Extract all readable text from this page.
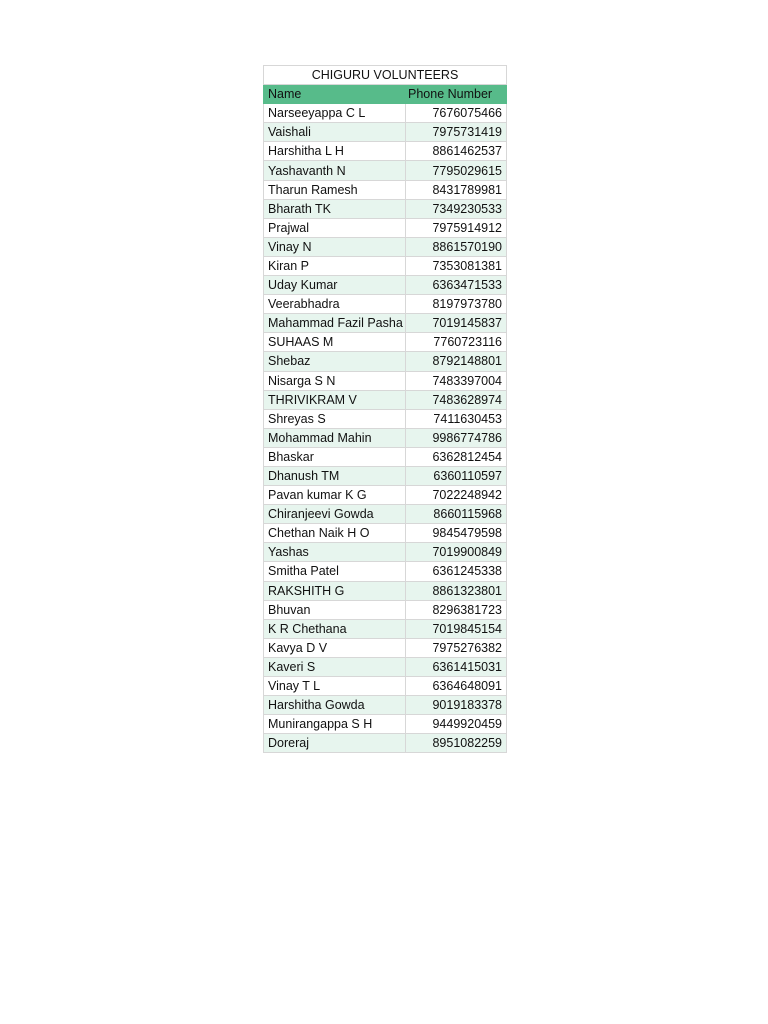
CHIGURU VOLUNTEERS	
Name	Phone Number
Narseeyappa C L	7676075466
Vaishali	7975731419
Harshitha L H	8861462537
Yashavanth N	7795029615
Tharun Ramesh	8431789981
Bharath TK	7349230533
Prajwal	7975914912
Vinay N	8861570190
Kiran P	7353081381
Uday Kumar	6363471533
Veerabhadra	8197973780
Mahammad Fazil Pasha	7019145837
SUHAAS M	7760723116
Shebaz	8792148801
Nisarga S N	7483397004
THRIVIKRAM V	7483628974
Shreyas S	7411630453
Mohammad Mahin	9986774786
Bhaskar	6362812454
Dhanush TM	6360110597
Pavan kumar K G	7022248942
Chiranjeevi Gowda	8660115968
Chethan Naik H O	9845479598
Yashas	7019900849
Smitha Patel	6361245338
RAKSHITH G	8861323801
Bhuvan	8296381723
K R Chethana	7019845154
Kavya D V	7975276382
Kaveri S	6361415031
Vinay T L	6364648091
Harshitha Gowda	9019183378
Munirangappa S H	9449920459
Doreraj	8951082259
